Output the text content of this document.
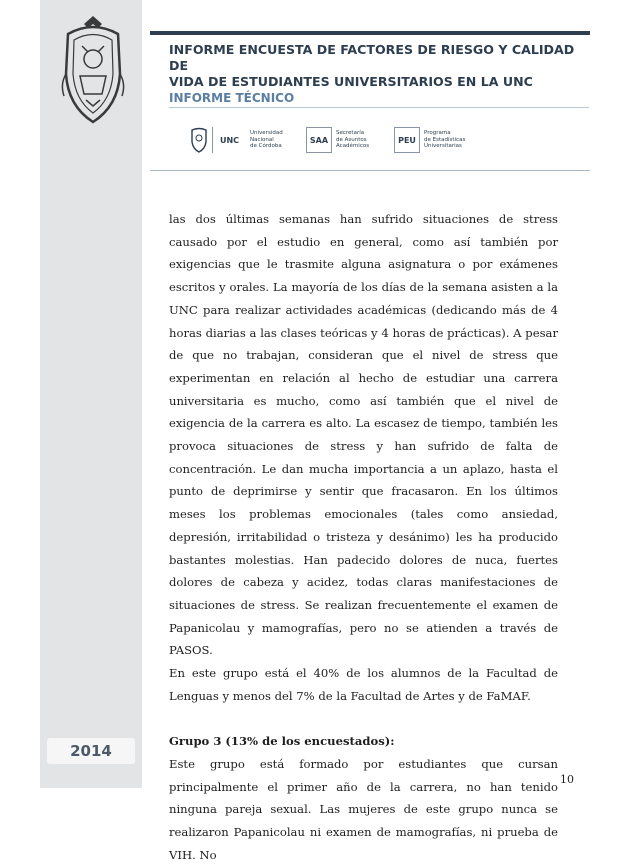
2014
INFORME ENCUESTA DE FACTORES DE RIESGO Y CALIDAD DE
VIDA DE ESTUDIANTES UNIVERSITARIOS EN LA UNC
INFORME TÉCNICO
UNC
Universidad
Nacional
de Córdoba
SAA
Secretaría
de Asuntos
Académicos
PEU
Programa
de Estadísticas
Universitarias

las dos últimas semanas han sufrido situaciones de stress causado por el estudio en general, como así también por exigencias que le trasmite alguna asignatura o por exámenes escritos y orales. La mayoría de los días de la semana asisten a la UNC para realizar actividades académicas (dedicando más de 4 horas diarias a las clases teóricas y 4 horas de prácticas). A pesar de que no trabajan, consideran que el nivel de stress que experimentan en relación al hecho de estudiar una carrera universitaria es mucho, como así también que el nivel de exigencia de la carrera es alto. La escasez de tiempo, también les provoca situaciones de stress y han sufrido de falta de concentración. Le dan mucha importancia a un aplazo, hasta el punto de deprimirse y sentir que fracasaron. En los últimos meses los problemas emocionales (tales como ansiedad, depresión, irritabilidad o tristeza y desánimo) les ha producido bastantes molestias. Han padecido dolores de nuca, fuertes dolores de cabeza y acidez, todas claras manifestaciones de situaciones de stress. Se realizan frecuentemente el examen de Papanicolau y mamografías, pero no se atienden a través de PASOS.

En este grupo está el 40% de los alumnos de la Facultad de Lenguas y menos del 7% de la Facultad de Artes y de FaMAF.

Grupo 3 (13% de los encuestados):

Este grupo está formado por estudiantes que cursan principalmente el primer año de la carrera, no han tenido ninguna pareja sexual. Las mujeres de este grupo nunca se realizaron Papanicolau ni examen de mamografías, ni prueba de VIH. No

10
